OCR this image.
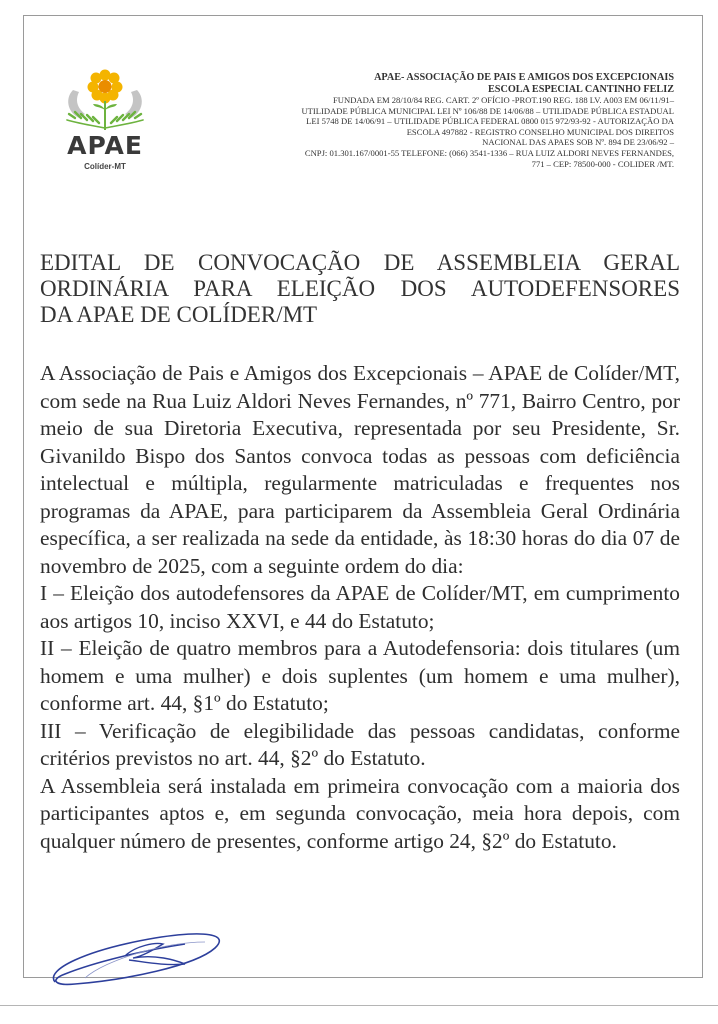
APAE
Colíder-MT
APAE- ASSOCIAÇÃO DE PAIS E AMIGOS DOS EXCEPCIONAIS
ESCOLA ESPECIAL CANTINHO FELIZ
FUNDADA EM 28/10/84 REG. CART. 2º OFÍCIO -PROT.190 REG. 188 LV. A003 EM 06/11/91–
UTILIDADE PÚBLICA MUNICIPAL LEI Nº 106/88 DE 14/06/88 – UTILIDADE PÚBLICA ESTADUAL
LEI 5748 DE 14/06/91 – UTILIDADE PÚBLICA FEDERAL 0800 015 972/93-92 - AUTORIZAÇÃO DA
ESCOLA 497882 - REGISTRO CONSELHO MUNICIPAL DOS DIREITOS
NACIONAL DAS APAES SOB Nº. 894 DE 23/06/92 –
CNPJ: 01.301.167/0001-55 TELEFONE: (066) 3541-1336 – RUA LUIZ ALDORI NEVES FERNANDES,
771 – CEP: 78500-000 - COLIDER /MT.
EDITAL DE CONVOCAÇÃO DE ASSEMBLEIA GERAL
ORDINÁRIA PARA ELEIÇÃO DOS AUTODEFENSORES
DA APAE DE COLÍDER/MT
A Associação de Pais e Amigos dos Excepcionais – APAE de Colíder/MT, com sede na Rua Luiz Aldori Neves Fernandes, nº 771, Bairro Centro, por meio de sua Diretoria Executiva, representada por seu Presidente, Sr. Givanildo Bispo dos Santos convoca todas as pessoas com deficiência intelectual e múltipla, regularmente matriculadas e frequentes nos programas da APAE, para participarem da Assembleia Geral Ordinária específica, a ser realizada na sede da entidade, às 18:30 horas do dia 07 de novembro de 2025, com a seguinte ordem do dia:
I – Eleição dos autodefensores da APAE de Colíder/MT, em cumprimento aos artigos 10, inciso XXVI, e 44 do Estatuto;
II – Eleição de quatro membros para a Autodefensoria: dois titulares (um homem e uma mulher) e dois suplentes (um homem e uma mulher), conforme art. 44, §1º do Estatuto;
III – Verificação de elegibilidade das pessoas candidatas, conforme critérios previstos no art. 44, §2º do Estatuto.
A Assembleia será instalada em primeira convocação com a maioria dos participantes aptos e, em segunda convocação, meia hora depois, com qualquer número de presentes, conforme artigo 24, §2º do Estatuto.
